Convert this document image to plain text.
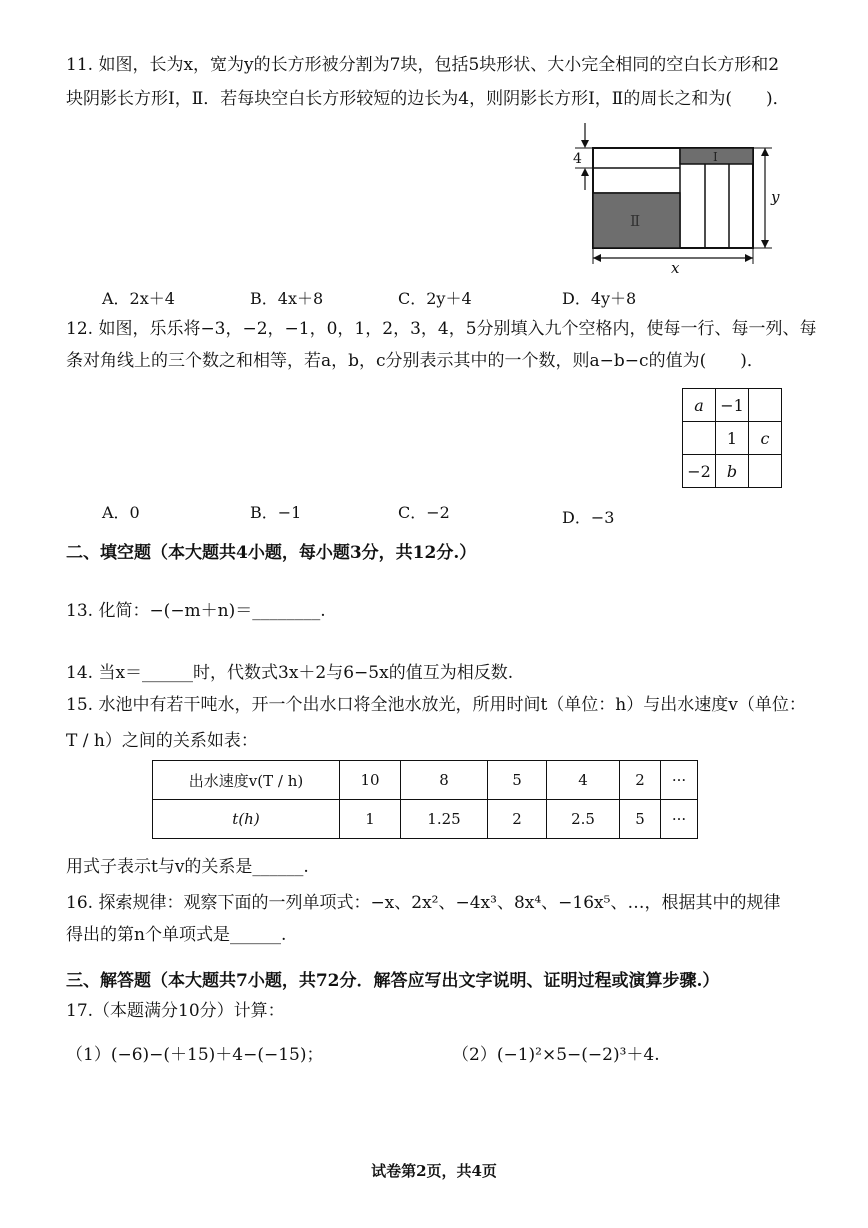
11. 如图，长为x，宽为y的长方形被分割为7块，包括5块形状、大小完全相同的空白长方形和2
块阴影长方形Ⅰ，Ⅱ．若每块空白长方形较短的边长为4，则阴影长方形Ⅰ，Ⅱ的周长之和为(　　)．
Ⅰ
Ⅱ
4
y
x
A．2x＋4	B．4x＋8	C．2y＋4	D．4y＋8
12. 如图，乐乐将−3，−2，−1，0，1，2，3，4，5分别填入九个空格内，使每一行、每一列、每
条对角线上的三个数之和相等，若a，b，c分别表示其中的一个数，则a−b−c的值为(　　)．
a	−1	
	1	c
−2	b	
A．0	B．−1	C．−2	D．−3
二、填空题（本大题共4小题，每小题3分，共12分.）
13. 化简：−(−m＋n)＝________.
14. 当x＝______时，代数式3x＋2与6−5x的值互为相反数.
15. 水池中有若干吨水，开一个出水口将全池水放光，所用时间t（单位：h）与出水速度v（单位：
T / h）之间的关系如表：
出水速度v(T / h)	10	8	5	4	2	···
t(h)	1	1.25	2	2.5	5	···
用式子表示t与v的关系是______.
16. 探索规律：观察下面的一列单项式：−x、2x²、−4x³、8x⁴、−16x⁵、…，根据其中的规律
得出的第n个单项式是______.
三、解答题（本大题共7小题，共72分．解答应写出文字说明、证明过程或演算步骤.）
17.（本题满分10分）计算：
（1）(−6)−(＋15)＋4−(−15)；	（2）(−1)²×5−(−2)³＋4.
试卷第2页，共4页
